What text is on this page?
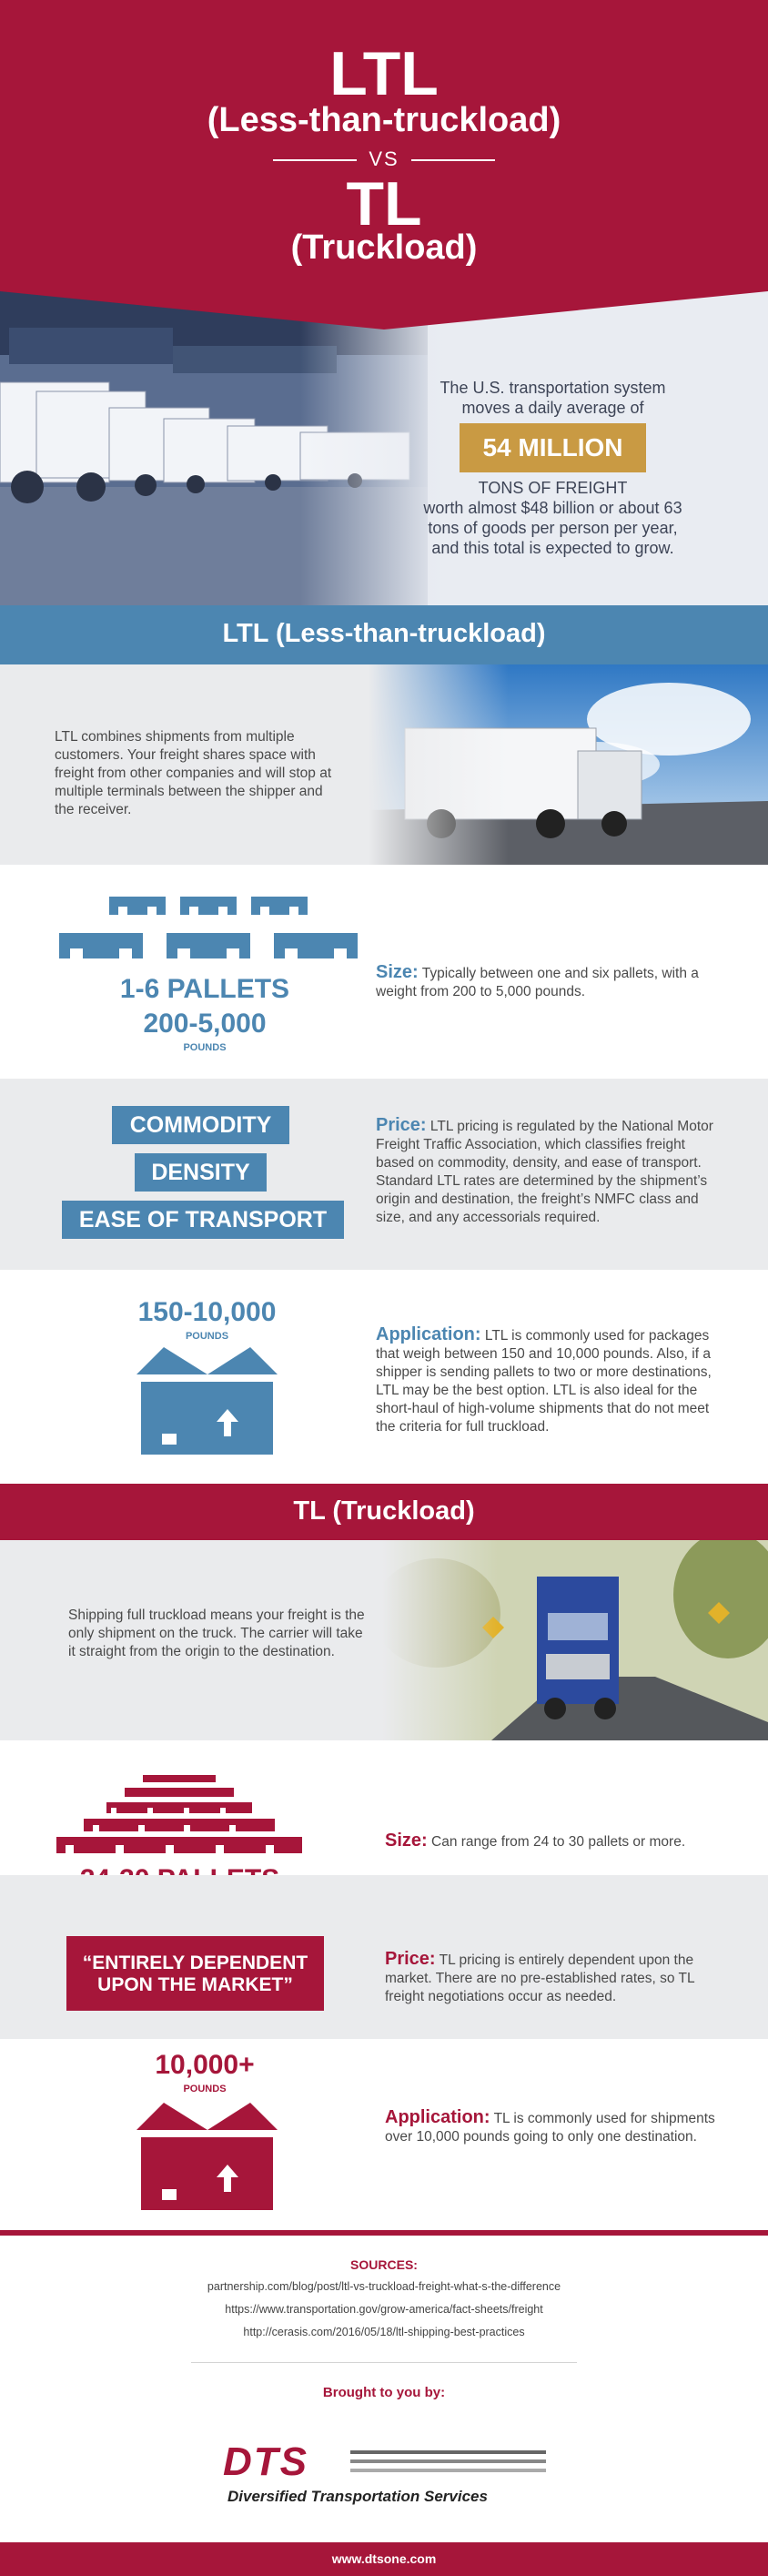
LTL
(Less-than-truckload)
VS
TL
(Truckload)
The U.S. transportation system moves a daily average of
54 MILLION
TONS OF FREIGHT
worth almost $48 billion or about 63 tons of goods per person per year, and this total is expected to grow.
LTL (Less-than-truckload)
LTL combines shipments from multiple customers. Your freight shares space with freight from other companies and will stop at multiple terminals between the shipper and the receiver.
1-6 PALLETS
200-5,000
POUNDS
Size: Typically between one and six pallets, with a weight from 200 to 5,000 pounds.
COMMODITY
DENSITY
EASE OF TRANSPORT
Price: LTL pricing is regulated by the National Motor Freight Traffic Association, which classifies freight based on commodity, density, and ease of transport. Standard LTL rates are determined by the shipment’s origin and destination, the freight’s NMFC class and size, and any accessorials required.
150-10,000
POUNDS	Application: LTL is commonly used for packages that weigh between 150 and 10,000 pounds. Also, if a shipper is sending pallets to two or more destinations, LTL may be the best option. LTL is also ideal for the short-haul of high-volume shipments that do not meet the criteria for full truckload.
TL (Truckload)
Shipping full truckload means your freight is the only shipment on the truck. The carrier will take it straight from the origin to the destination.
Size: Can range from 24 to 30 pallets or more.
“ENTIRELY DEPENDENT UPON THE MARKET”
Price: TL pricing is entirely dependent upon the market. There are no pre-established rates, so TL freight negotiations occur as needed.
10,000+
POUNDS
Application: TL is commonly used for shipments over 10,000 pounds going to only one destination.
SOURCES:
partnership.com/blog/post/ltl-vs-truckload-freight-what-s-the-difference
https://www.transportation.gov/grow-america/fact-sheets/freight
http://cerasis.com/2016/05/18/ltl-shipping-best-practices
Brought to you by:
DTS
Diversified Transportation Services
www.dtsone.com
